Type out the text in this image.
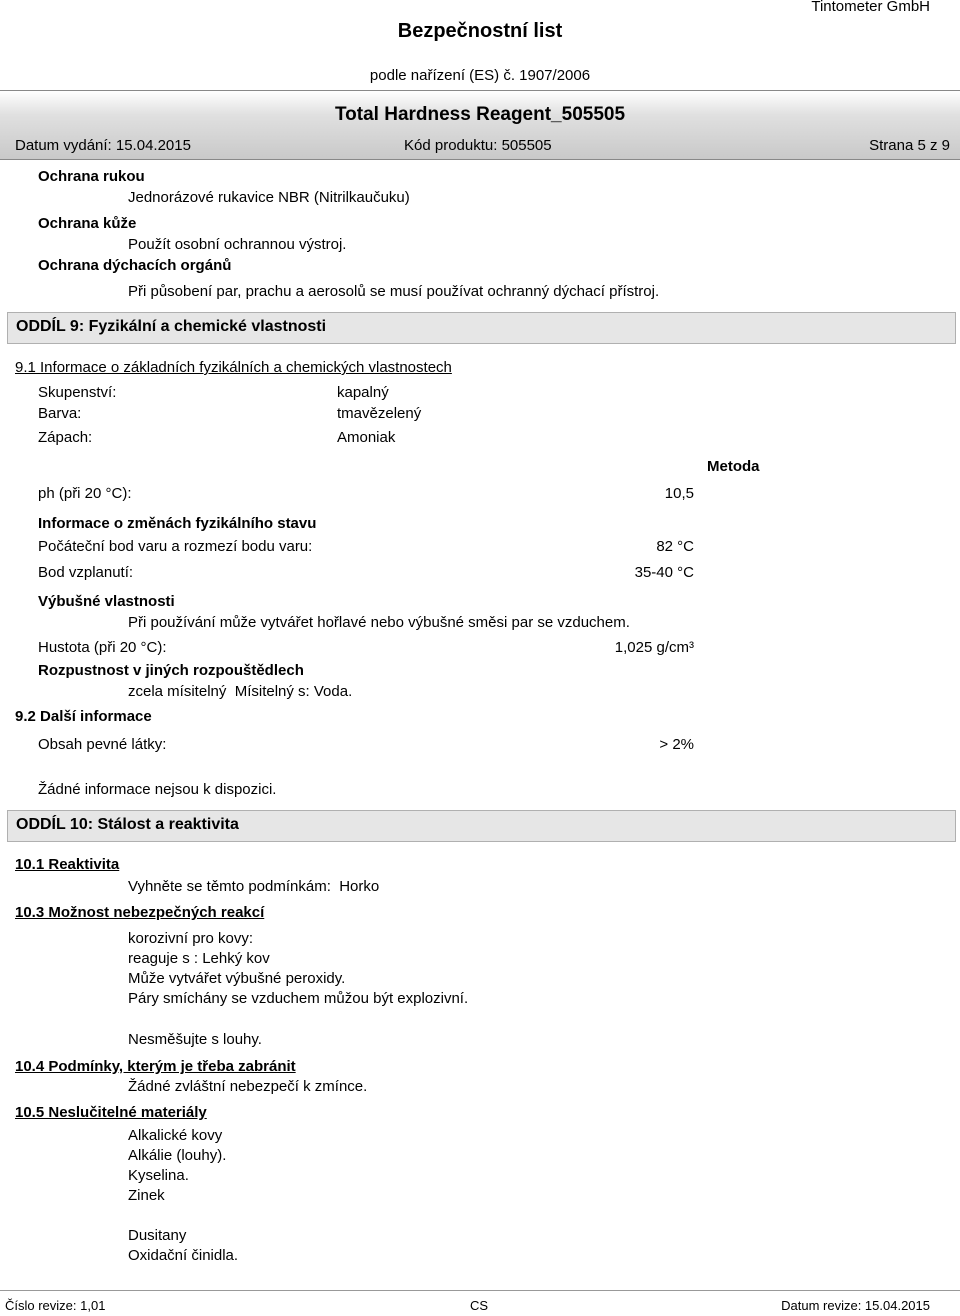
Bezpečnostní list
Tintometer GmbH
podle nařízení (ES) č. 1907/2006
Total Hardness Reagent_505505
Datum vydání: 15.04.2015	Kód produktu: 505505	Strana 5 z 9
Ochrana rukou
Jednorázové rukavice NBR (Nitrilkaučuku)
Ochrana kůže
Použít osobní ochrannou výstroj.
Ochrana dýchacích orgánů
Při působení par, prachu a aerosolů se musí používat ochranný dýchací přístroj.
ODDÍL 9: Fyzikální a chemické vlastnosti
9.1 Informace o základních fyzikálních a chemických vlastnostech
Skupenství:	kapalný
Barva:	tmavězelený
Zápach:	Amoniak
Metoda
ph (při 20 °C):	10,5
Informace o změnách fyzikálního stavu
Počáteční bod varu a rozmezí bodu varu:	82 °C
Bod vzplanutí:	35-40 °C
Výbušné vlastnosti
Při používání může vytvářet hořlavé nebo výbušné směsi par se vzduchem.
Hustota (při 20 °C):	1,025 g/cm³
Rozpustnost v jiných rozpouštědlech
zcela mísitelný  Mísitelný s: Voda.
9.2 Další informace
Obsah pevné látky:	> 2%
Žádné informace nejsou k dispozici.
ODDÍL 10: Stálost a reaktivita
10.1 Reaktivita
Vyhněte se těmto podmínkám:  Horko
10.3 Možnost nebezpečných reakcí
korozivní pro kovy:
reaguje s : Lehký kov
Může vytvářet výbušné peroxidy.
Páry smíchány se vzduchem můžou být explozivní.
Nesměšujte s louhy.
10.4 Podmínky, kterým je třeba zabránit
Žádné zvláštní nebezpečí k zmínce.
10.5 Neslučitelné materiály
Alkalické kovy
Alkálie (louhy).
Kyselina.
Zinek
Dusitany
Oxidační činidla.
Číslo revize: 1,01	CS	Datum revize: 15.04.2015
